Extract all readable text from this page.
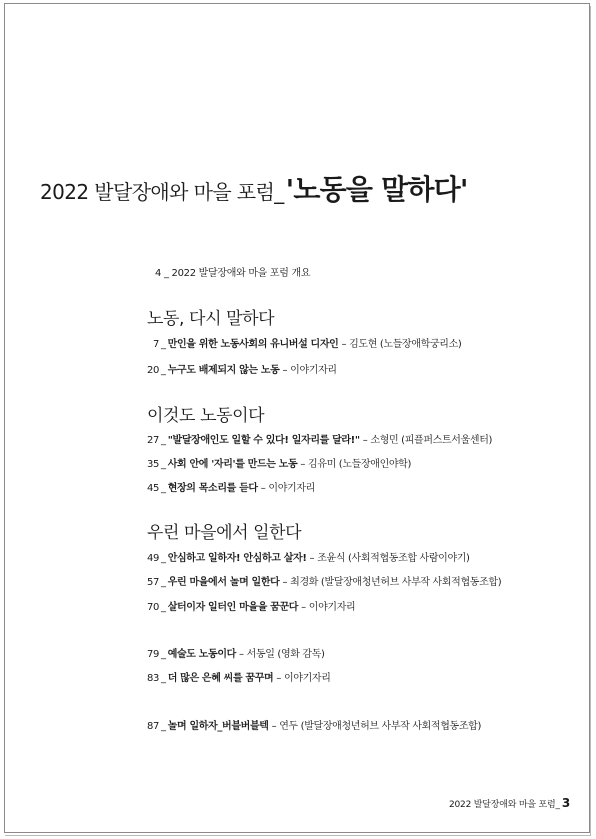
2022 발달장애와 마을 포럼_'노동을 말하다'
4 _ 2022 발달장애와 마을 포럼 개요
노동, 다시 말하다
7 _ 만인을 위한 노동사회의 유니버설 디자인 – 김도현 (노들장애학궁리소)
20 _ 누구도 배제되지 않는 노동 – 이야기자리
이것도 노동이다
27 _ "발달장애인도 일할 수 있다! 일자리를 달라!" – 소형민 (피플퍼스트서울센터)
35 _ 사회 안에 '자리'를 만드는 노동 – 김유미 (노들장애인야학)
45 _ 현장의 목소리를 듣다 – 이야기자리
우린 마을에서 일한다
49 _ 안심하고 일하자! 안심하고 살자! – 조윤식 (사회적협동조합 사람이야기)
57 _ 우린 마을에서 놀며 일한다 – 최경화 (발달장애청년허브 사부작 사회적협동조합)
70 _ 살터이자 일터인 마을을 꿈꾼다 – 이야기자리
79 _ 예술도 노동이다 – 서동일 (영화 감독)
83 _ 더 많은 은혜 씨를 꿈꾸며 – 이야기자리
87 _ 놀며 일하자_버블버블텍 – 연두 (발달장애청년허브 사부작 사회적협동조합)
2022 발달장애와 마을 포럼_ 3
